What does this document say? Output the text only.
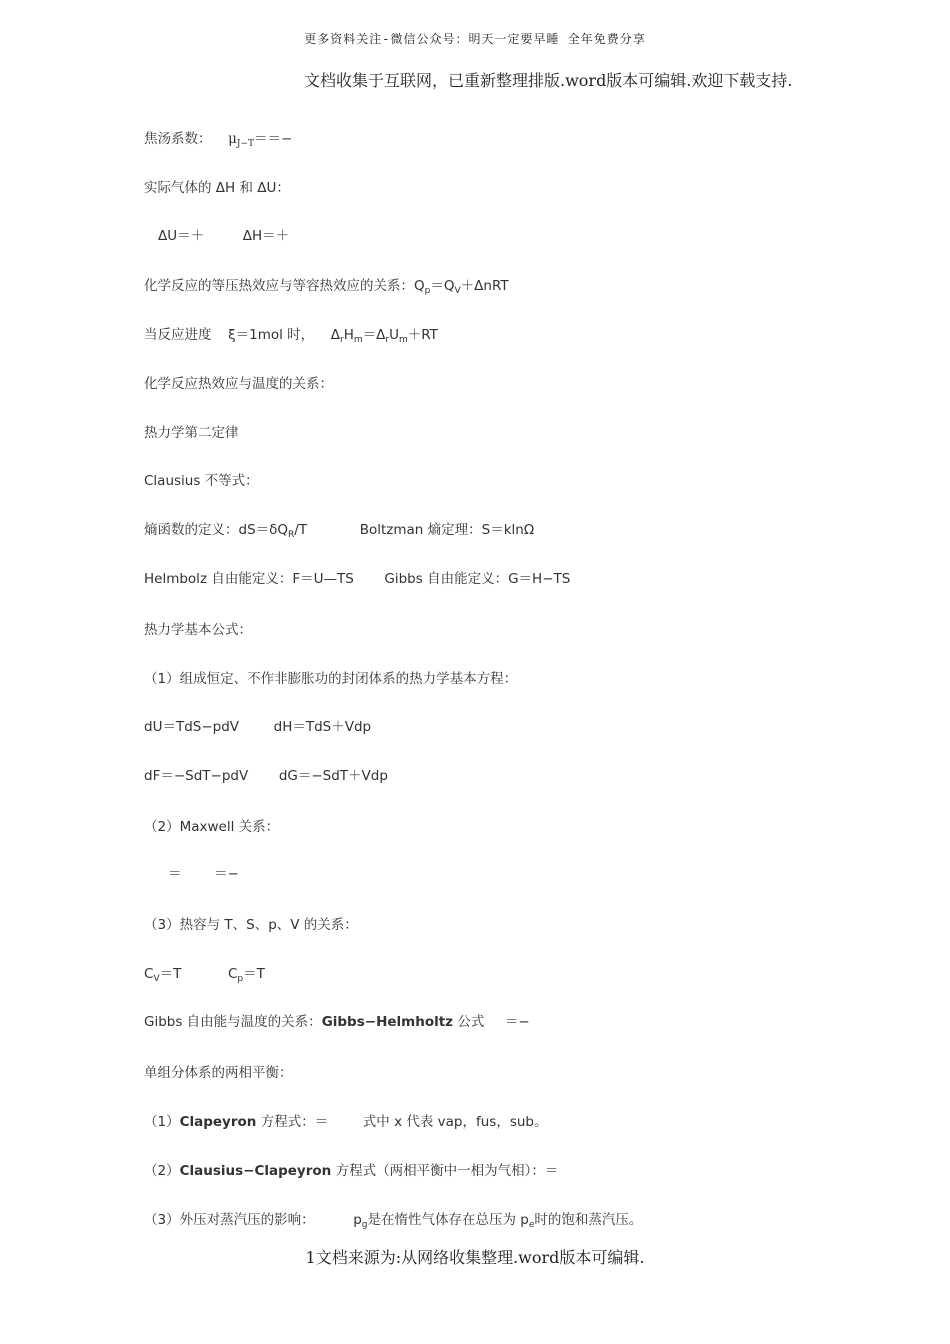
更多资料关注-微信公众号：明天一定要早睡 全年免费分享
文档收集于互联网，已重新整理排版.word版本可编辑.欢迎下载支持.
焦汤系数： $\mu_{J-T}==-$
实际气体的 ΔH 和 ΔU：
ΔU＝＋	ΔH＝＋
化学反应的等压热效应与等容热效应的关系：$Q_p=Q_V+\Delta nRT$
当反应进度 ξ＝1mol 时， $\Delta_rH_m=\Delta_rU_m+RT$
化学反应热效应与温度的关系：
热力学第二定律
Clausius 不等式：
熵函数的定义：$dS=\delta Q_R/T$	Boltzman 熵定理：S＝klnΩ
Helmbolz 自由能定义：F＝U—TS Gibbs 自由能定义：G＝H−TS
热力学基本公式：
（1）组成恒定、不作非膨胀功的封闭体系的热力学基本方程：
dU＝TdS−pdV	dH＝TdS＋Vdp
dF＝−SdT−pdV dG＝−SdT＋Vdp
（2）Maxwell 关系：
＝ ＝−
（3）热容与 T、S、p、V 的关系：
$C_V=T$	$C_p=T$
Gibbs 自由能与温度的关系：Gibbs−Helmholtz 公式 ＝−
单组分体系的两相平衡：
（1）Clapeyron 方程式：＝	式中 x 代表 vap，fus，sub。
（2）Clausius−Clapeyron 方程式（两相平衡中一相为气相）：＝
（3）外压对蒸汽压的影响：	$p_g$是在惰性气体存在总压为 $p_e$时的饱和蒸汽压。
1文档来源为:从网络收集整理.word版本可编辑.
